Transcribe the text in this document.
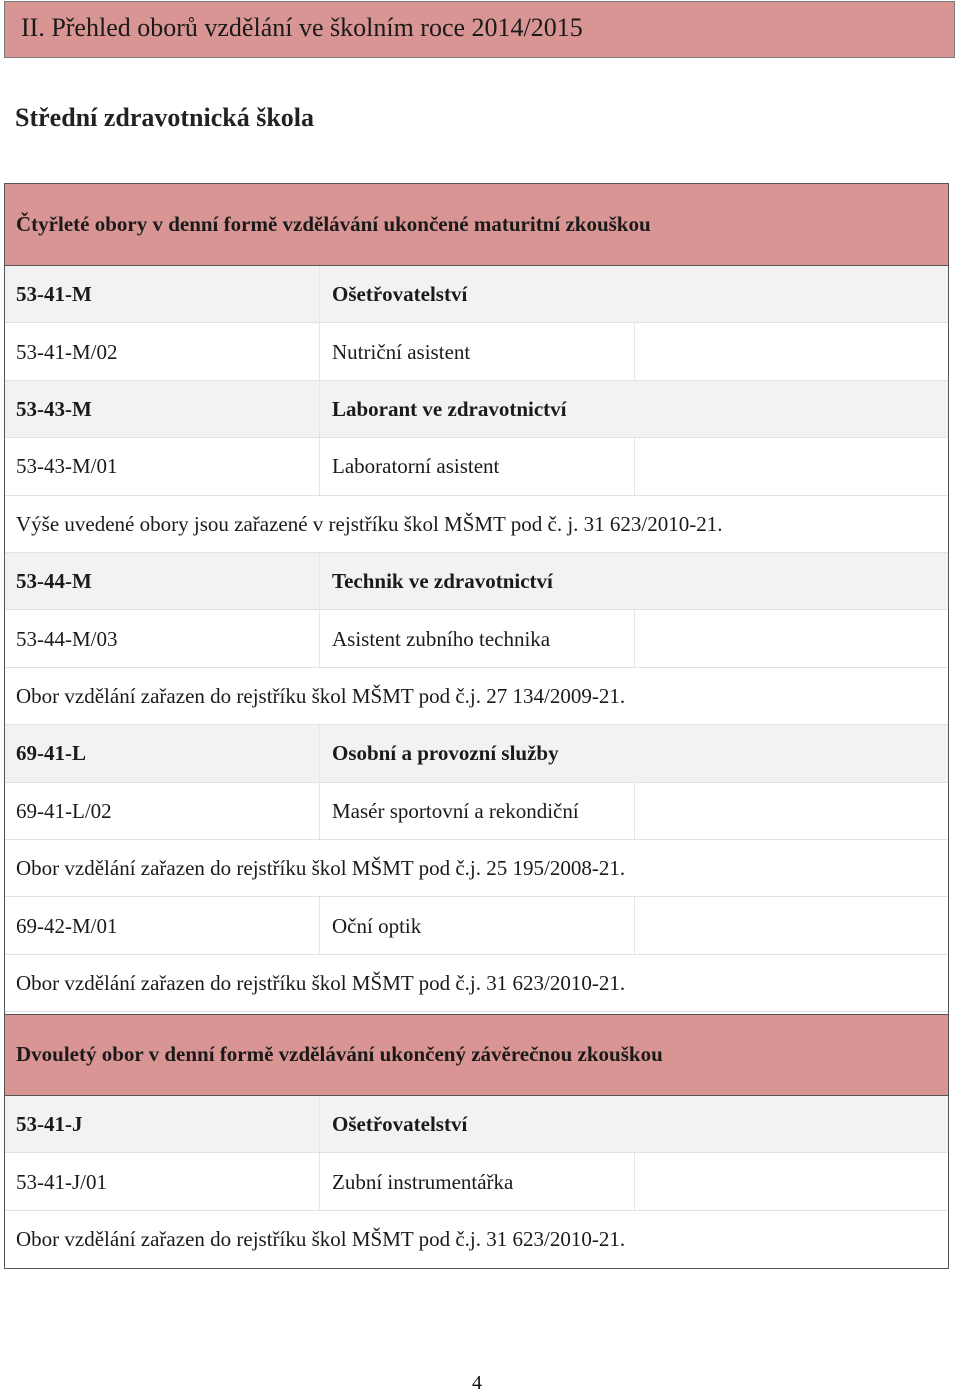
II. Přehled oborů vzdělání ve školním roce 2014/2015
Střední zdravotnická škola
Čtyřleté obory v denní formě vzdělávání ukončené maturitní zkouškou
53-41-M	Ošetřovatelství
53-41-M/02	Nutriční asistent
53-43-M	Laborant ve zdravotnictví
53-43-M/01	Laboratorní asistent
Výše uvedené obory jsou zařazené v rejstříku škol MŠMT pod č. j. 31 623/2010-21.
53-44-M	Technik ve zdravotnictví
53-44-M/03	Asistent zubního technika
Obor vzdělání zařazen do rejstříku škol MŠMT pod č.j. 27 134/2009-21.
69-41-L	Osobní a provozní služby
69-41-L/02	Masér sportovní a rekondiční
Obor vzdělání zařazen do rejstříku škol MŠMT pod č.j. 25 195/2008-21.
69-42-M/01	Oční optik
Obor vzdělání zařazen do rejstříku škol MŠMT pod č.j. 31 623/2010-21.
Dvouletý obor v denní formě vzdělávání ukončený závěrečnou zkouškou
53-41-J	Ošetřovatelství
53-41-J/01	Zubní instrumentářka
Obor vzdělání zařazen do rejstříku škol MŠMT pod č.j. 31 623/2010-21.
4
